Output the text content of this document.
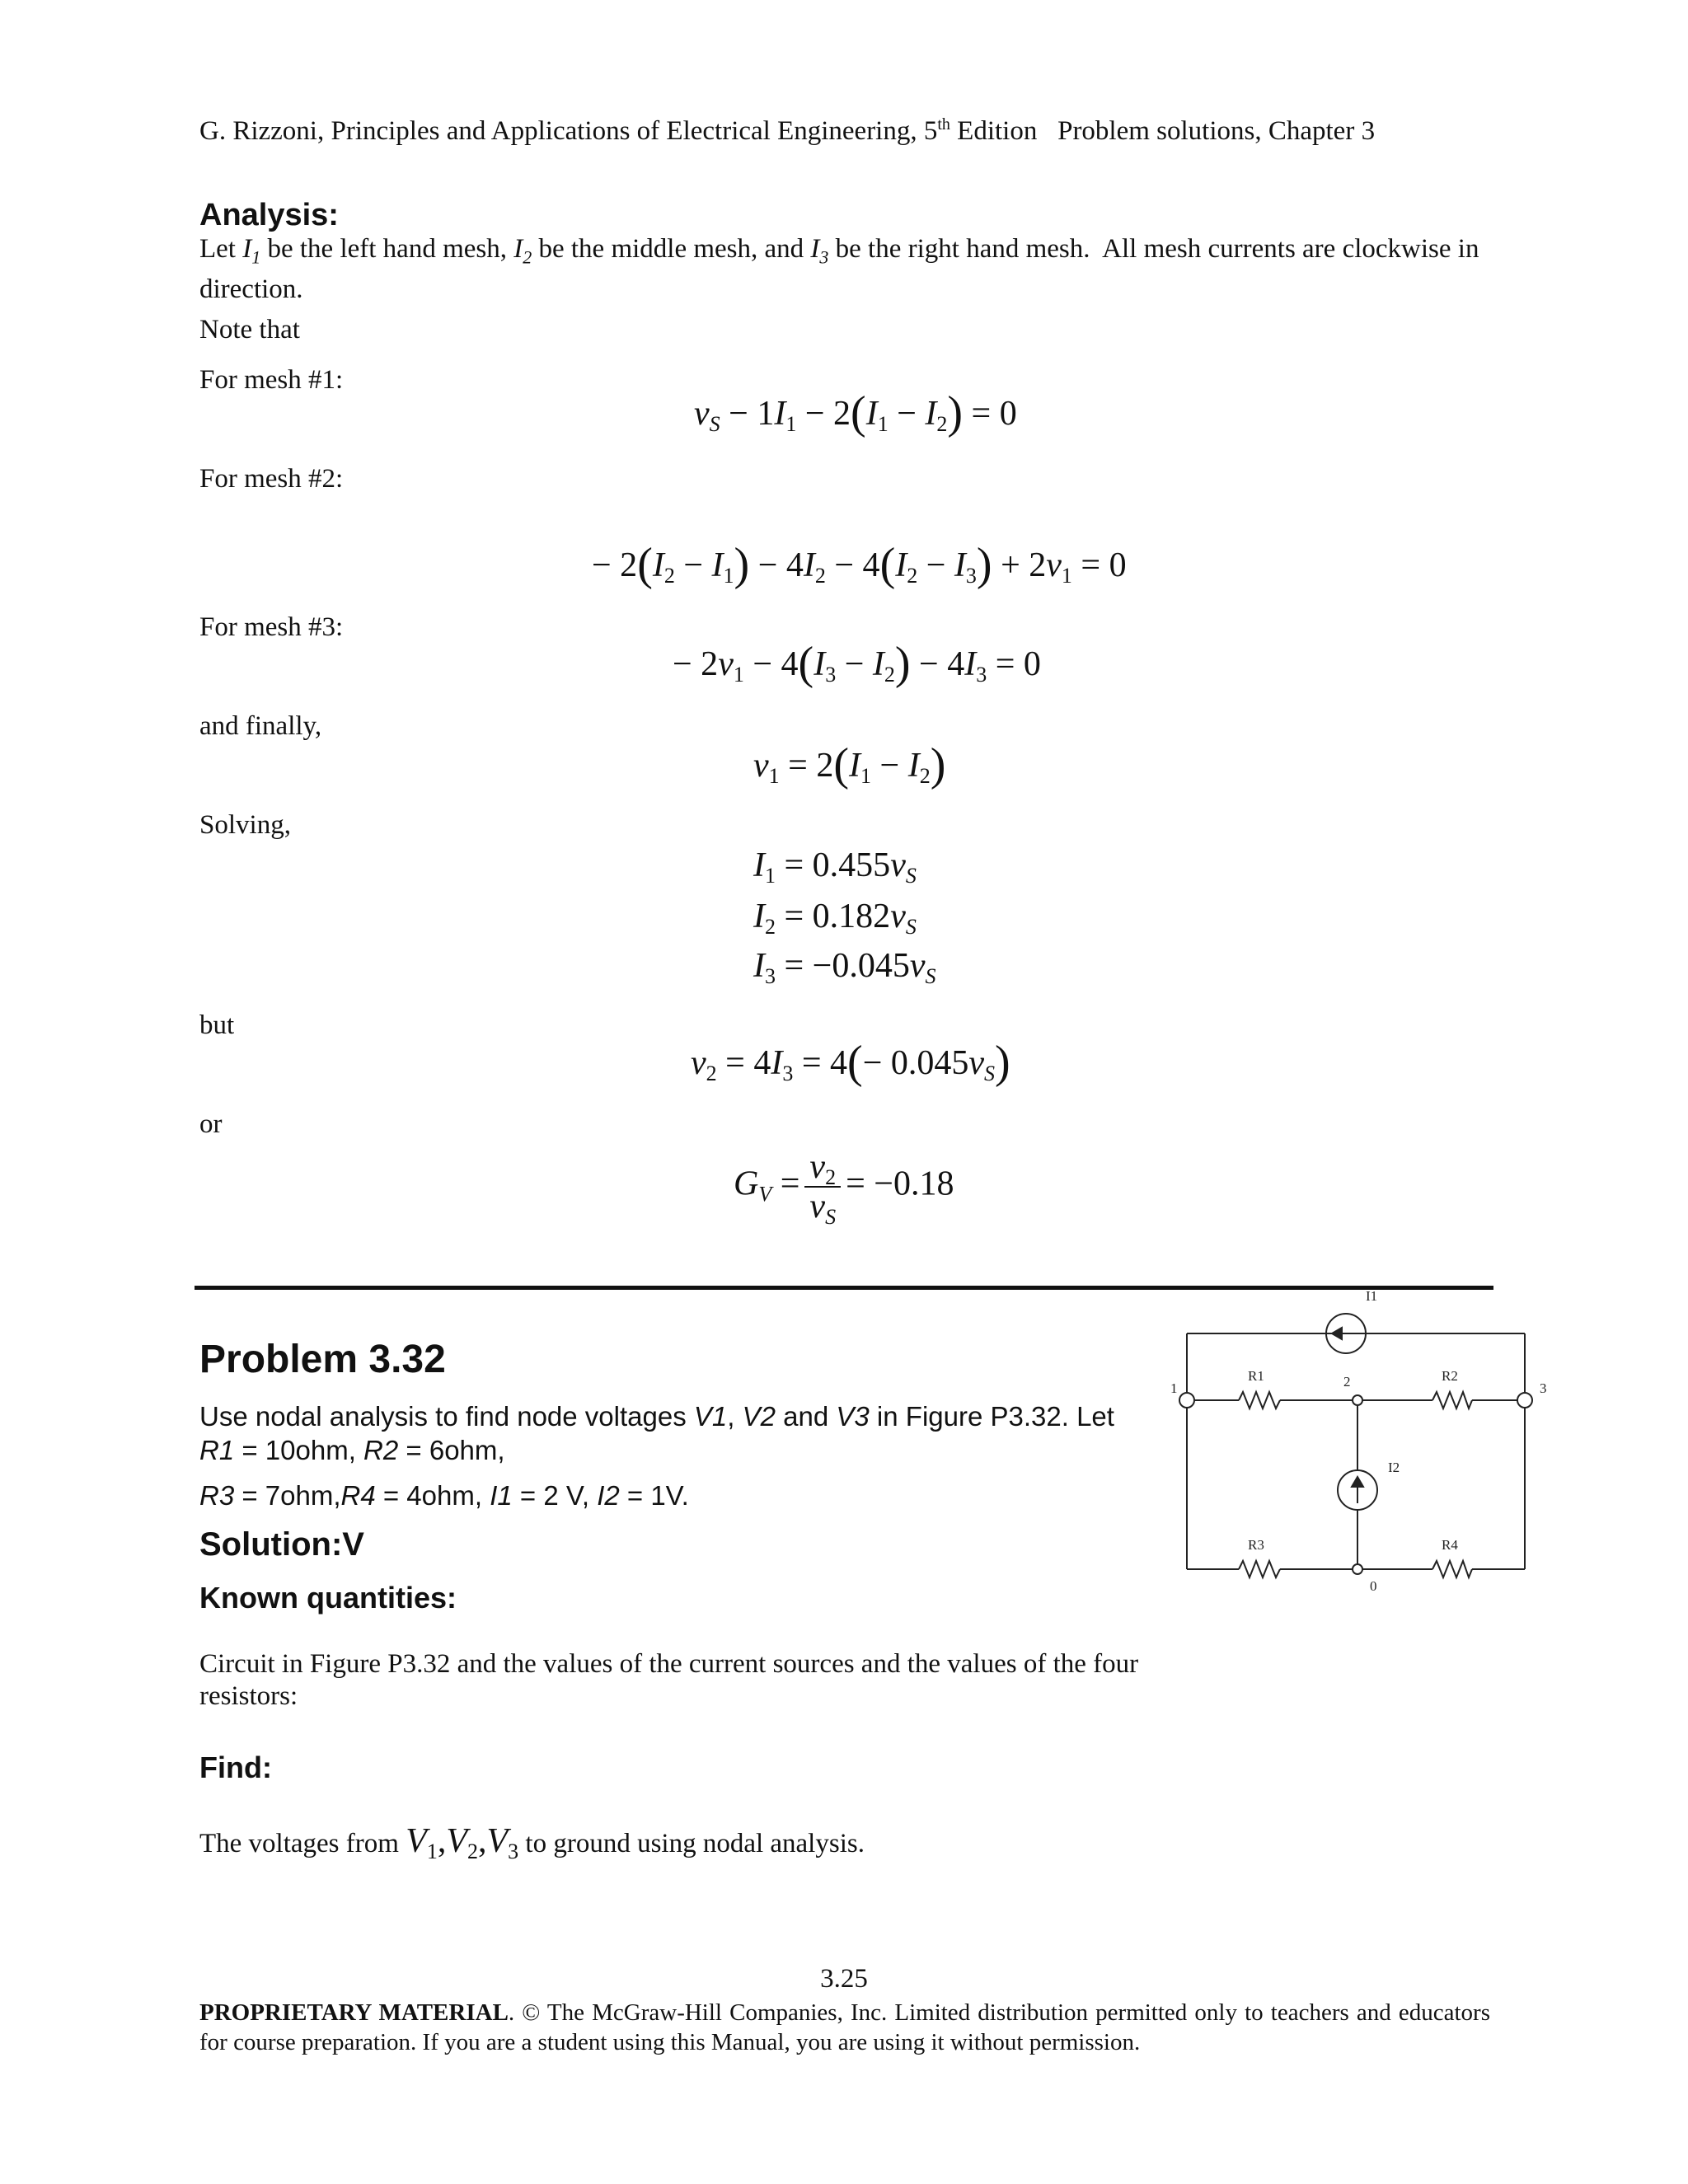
G. Rizzoni, Principles and Applications of Electrical Engineering, 5th Edition   Problem solutions, Chapter 3
Analysis:
Let $I_1$ be the left hand mesh, $I_2$ be the middle mesh, and $I_3$ be the right hand mesh.  All mesh currents are clockwise in direction.
Note that
For mesh #1:
$v_S - 1I_1 - 2(I_1 - I_2) = 0$
For mesh #2:
− $2(I_2 - I_1) - 4I_2 - 4(I_2 - I_3) + 2v_1 = 0$
For mesh #3:
− $2v_1 - 4(I_3 - I_2) - 4I_3 = 0$
and finally,
$v_1 = 2(I_1 - I_2)$
Solving,
$I_1 = 0.455v_S$
$I_2 = 0.182v_S$
$I_3 = -0.045v_S$
but
$v_2 = 4I_3 = 4(- 0.045v_S)$
or
$G_V = \frac{v_2}{v_S} = -0.18$
Problem 3.32
Use nodal analysis to find node voltages V1, V2 and V3 in Figure P3.32. Let R1 = 10ohm, R2 = 6ohm,
R3 = 7ohm,R4 = 4ohm, I1 = 2 V, I2 = 1V.
Solution:V
Known quantities:
Circuit in Figure P3.32 and the values of the current sources and the values of the four resistors:
Find:
The voltages from $V_1,V_2,V_3$ to ground using nodal analysis.
I1
I2
R1	R2
R3	R4
1	2	3
0
3.25
PROPRIETARY MATERIAL. © The McGraw-Hill Companies, Inc. Limited distribution permitted only to teachers and educators for course preparation. If you are a student using this Manual, you are using it without permission.
